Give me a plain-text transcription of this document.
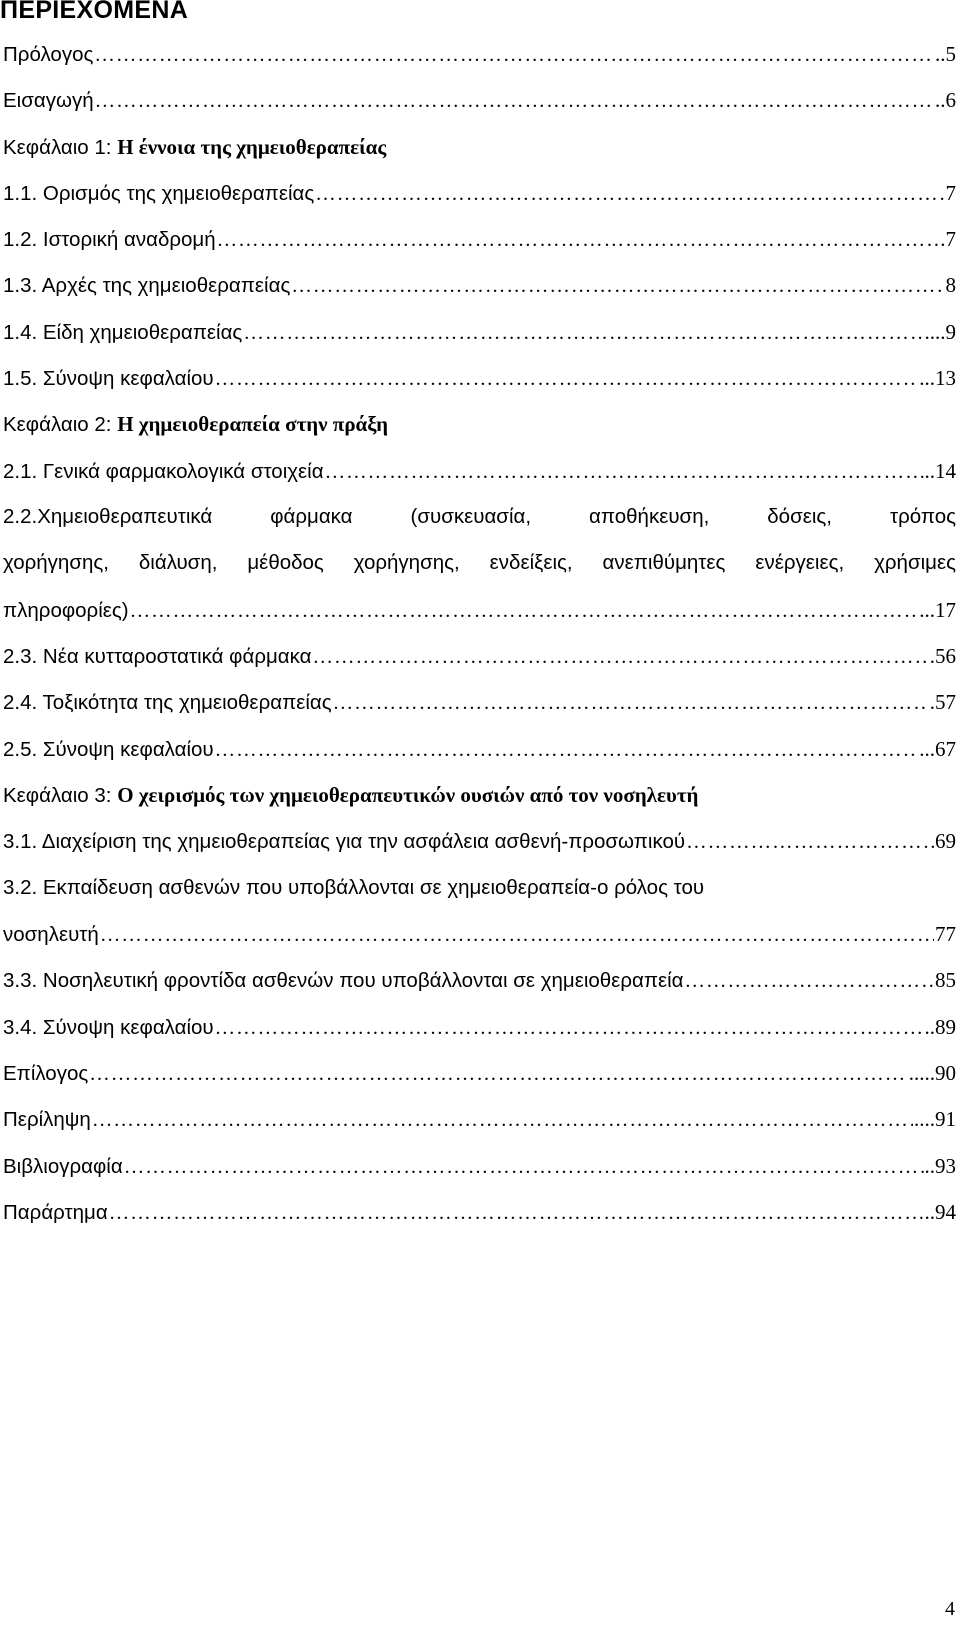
ΠΕΡΙΕΧΟΜΕΝΑ
Πρόλογος ………………………………………………………………………………………………………………………………………………………………………………	..5
Εισαγωγή ………………………………………………………………………………………………………………………………………………………………………………	..6
Κεφάλαιο 1: Η έννοια της χημειοθεραπείας
1.1. Ορισμός της χημειοθεραπείας ………………………………………………………………………………………………………………………………………………………………………………	7
1.2. Ιστορική αναδρομή ………………………………………………………………………………………………………………………………………………………………………………	.7
1.3. Αρχές της χημειοθεραπείας ………………………………………………………………………………………………………………………………………………………………………………	8
1.4. Είδη χημειοθεραπείας ………………………………………………………………………………………………………………………………………………………………………………	....9
1.5. Σύνοψη κεφαλαίου ………………………………………………………………………………………………………………………………………………………………………………	...13
Κεφάλαιο 2: Η χημειοθεραπεία στην πράξη
2.1. Γενικά φαρμακολογικά στοιχεία ………………………………………………………………………………………………………………………………………………………………………………	..14
2.2.Χημειοθεραπευτικά φάρμακα (συσκευασία, αποθήκευση, δόσεις, τρόπος
χορήγησης, διάλυση, μέθοδος χορήγησης, ενδείξεις, ανεπιθύμητες ενέργειες, χρήσιμες
πληροφορίες) ………………………………………………………………………………………………………………………………………………………………………………	...17
2.3. Νέα κυτταροστατικά φάρμακα ………………………………………………………………………………………………………………………………………………………………………………	.56
2.4. Τοξικότητα της χημειοθεραπείας ………………………………………………………………………………………………………………………………………………………………………………	.57
2.5. Σύνοψη κεφαλαίου ………………………………………………………………………………………………………………………………………………………………………………	...67
Κεφάλαιο 3: Ο χειρισμός των χημειοθεραπευτικών ουσιών από τον νοσηλευτή
3.1. Διαχείριση της χημειοθεραπείας για την ασφάλεια ασθενή-προσωπικού ………………………………………………………………………………………………………………………………………………………………………………	69
3.2. Εκπαίδευση ασθενών που υποβάλλονται σε χημειοθεραπεία-ο ρόλος του
νοσηλευτή ………………………………………………………………………………………………………………………………………………………………………………	77
3.3. Νοσηλευτική φροντίδα ασθενών που υποβάλλονται σε χημειοθεραπεία ………………………………………………………………………………………………………………………………………………………………………………	85
3.4. Σύνοψη κεφαλαίου ………………………………………………………………………………………………………………………………………………………………………………	..89
Επίλογος ………………………………………………………………………………………………………………………………………………………………………………	.....90
Περίληψη ………………………………………………………………………………………………………………………………………………………………………………	....91
Βιβλιογραφία ………………………………………………………………………………………………………………………………………………………………………………	..93
Παράρτημα ………………………………………………………………………………………………………………………………………………………………………………	..94
4
